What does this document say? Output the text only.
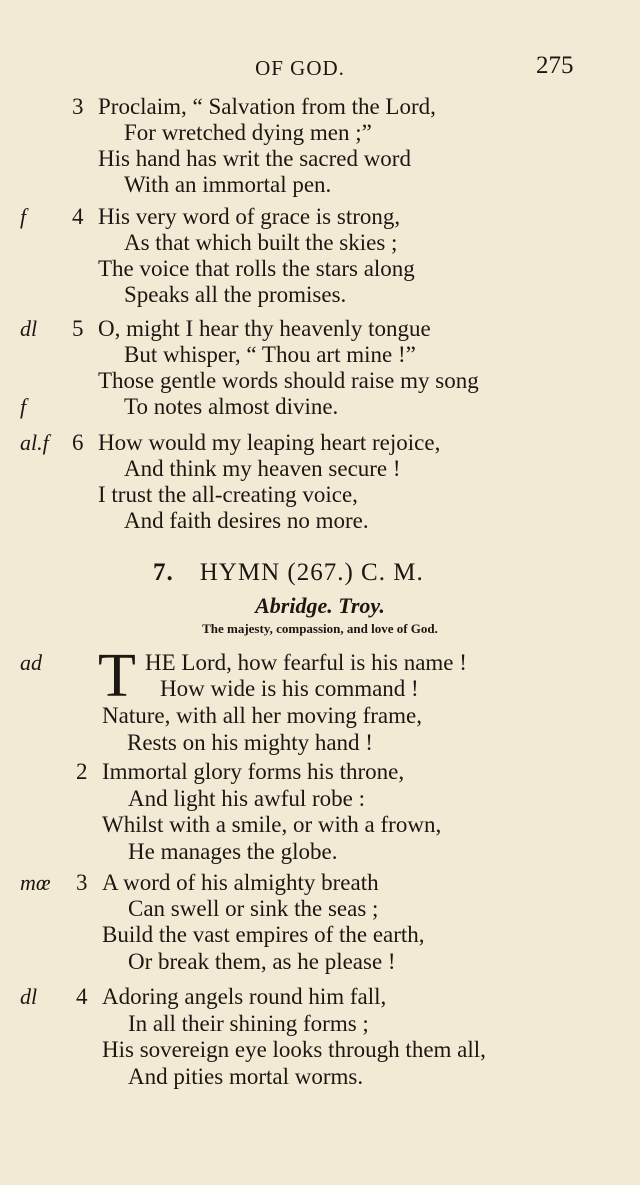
OF GOD.	275
3 Proclaim, “ Salvation from the Lord,
For wretched dying men ;”
His hand has writ the sacred word
With an immortal pen.
f 4 His very word of grace is strong,
As that which built the skies ;
The voice that rolls the stars along
Speaks all the promises.
dl 5 O, might I hear thy heavenly tongue
But whisper, “ Thou art mine !”
Those gentle words should raise my song
f	To notes almost divine.
al.f 6 How would my leaping heart rejoice,
And think my heaven secure !
I trust the all-creating voice,
And faith desires no more.
7. HYMN (267.) C. M.
Abridge. Troy.
The majesty, compassion, and love of God.
ad T HE Lord, how fearful is his name !
How wide is his command !
Nature, with all her moving frame,
Rests on his mighty hand !
2 Immortal glory forms his throne,
And light his awful robe :
Whilst with a smile, or with a frown,
He manages the globe.
mœ 3 A word of his almighty breath
Can swell or sink the seas ;
Build the vast empires of the earth,
Or break them, as he please !
dl 4 Adoring angels round him fall,
In all their shining forms ;
His sovereign eye looks through them all,
And pities mortal worms.
